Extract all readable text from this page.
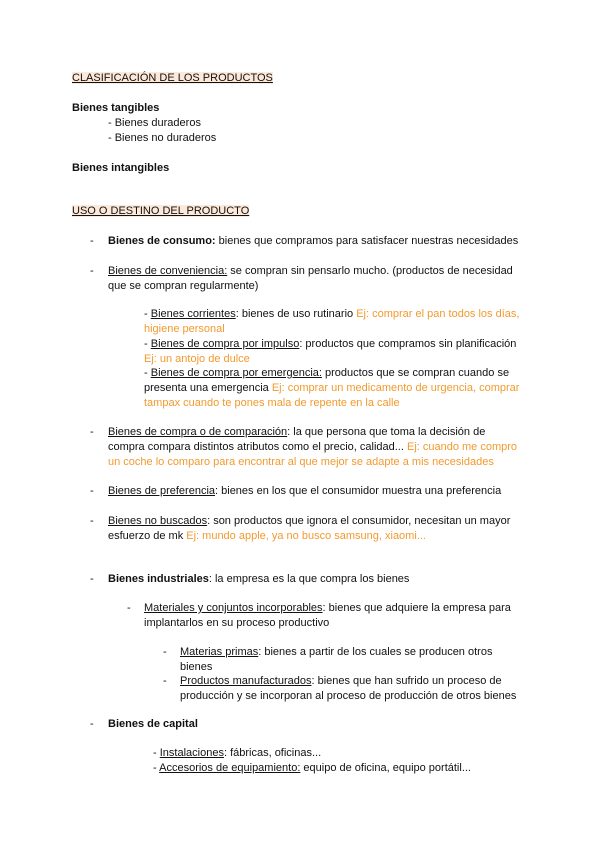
CLASIFICACIÓN DE LOS PRODUCTOS
Bienes tangibles
- Bienes duraderos
- Bienes no duraderos
Bienes intangibles
USO O DESTINO DEL PRODUCTO
- Bienes de consumo: bienes que compramos para satisfacer nuestras necesidades
- Bienes de conveniencia: se compran sin pensarlo mucho. (productos de necesidad
que se compran regularmente)
- Bienes corrientes: bienes de uso rutinario Ej: comprar el pan todos los días,
higiene personal
- Bienes de compra por impulso: productos que compramos sin planificación
Ej: un antojo de dulce
- Bienes de compra por emergencia: productos que se compran cuando se
presenta una emergencia Ej: comprar un medicamento de urgencia, comprar
tampax cuando te pones mala de repente en la calle
- Bienes de compra o de comparación: la que persona que toma la decisión de
compra compara distintos atributos como el precio, calidad... Ej: cuando me compro
un coche lo comparo para encontrar al que mejor se adapte a mis necesidades
- Bienes de preferencia: bienes en los que el consumidor muestra una preferencia
- Bienes no buscados: son productos que ignora el consumidor, necesitan un mayor
esfuerzo de mk Ej: mundo apple, ya no busco samsung, xiaomi...
- Bienes industriales: la empresa es la que compra los bienes
- Materiales y conjuntos incorporables: bienes que adquiere la empresa para
implantarlos en su proceso productivo
- Materias primas: bienes a partir de los cuales se producen otros
bienes
- Productos manufacturados: bienes que han sufrido un proceso de
producción y se incorporan al proceso de producción de otros bienes
- Bienes de capital
- Instalaciones: fábricas, oficinas...
- Accesorios de equipamiento: equipo de oficina, equipo portátil...
